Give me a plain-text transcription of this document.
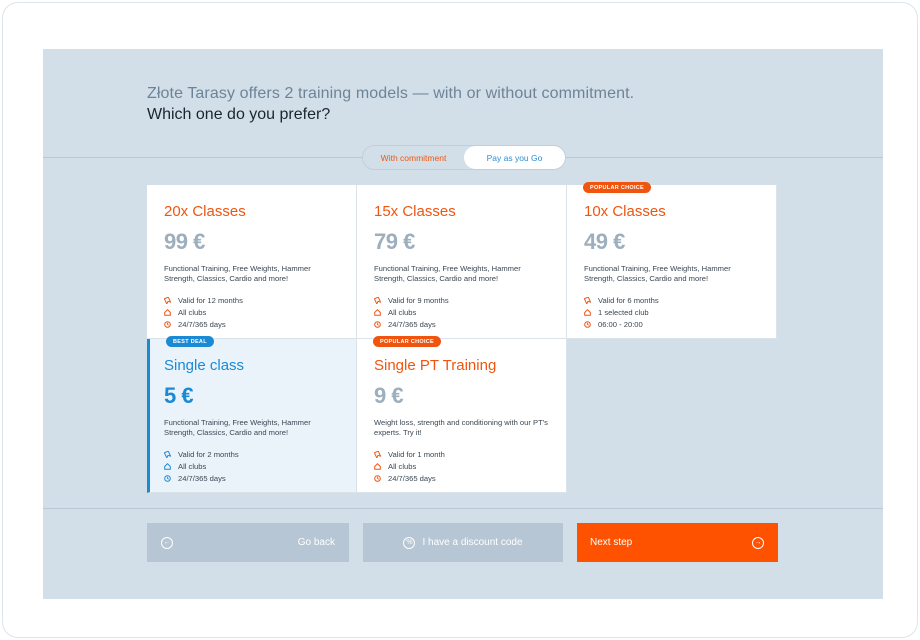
Złote Tarasy offers 2 training models — with or without commitment.
Which one do you prefer?
With commitment	Pay as you Go
20x Classes
99 €
Functional Training, Free Weights, Hammer Strength, Classics, Cardio and more!
Valid for 12 months
All clubs
24/7/365 days
15x Classes
79 €
Functional Training, Free Weights, Hammer Strength, Classics, Cardio and more!
Valid for 9 months
All clubs
24/7/365 days
POPULAR CHOICE
10x Classes
49 €
Functional Training, Free Weights, Hammer Strength, Classics, Cardio and more!
Valid for 6 months
1 selected club
06:00 - 20:00
BEST DEAL
Single class
5 €
Functional Training, Free Weights, Hammer Strength, Classics, Cardio and more!
Valid for 2 months
All clubs
24/7/365 days
POPULAR CHOICE
Single PT Training
9 €
Weight loss, strength and conditioning with our PT's experts. Try it!
Valid for 1 month
All clubs
24/7/365 days
←	Go back	% I have a discount code	Next step	→
